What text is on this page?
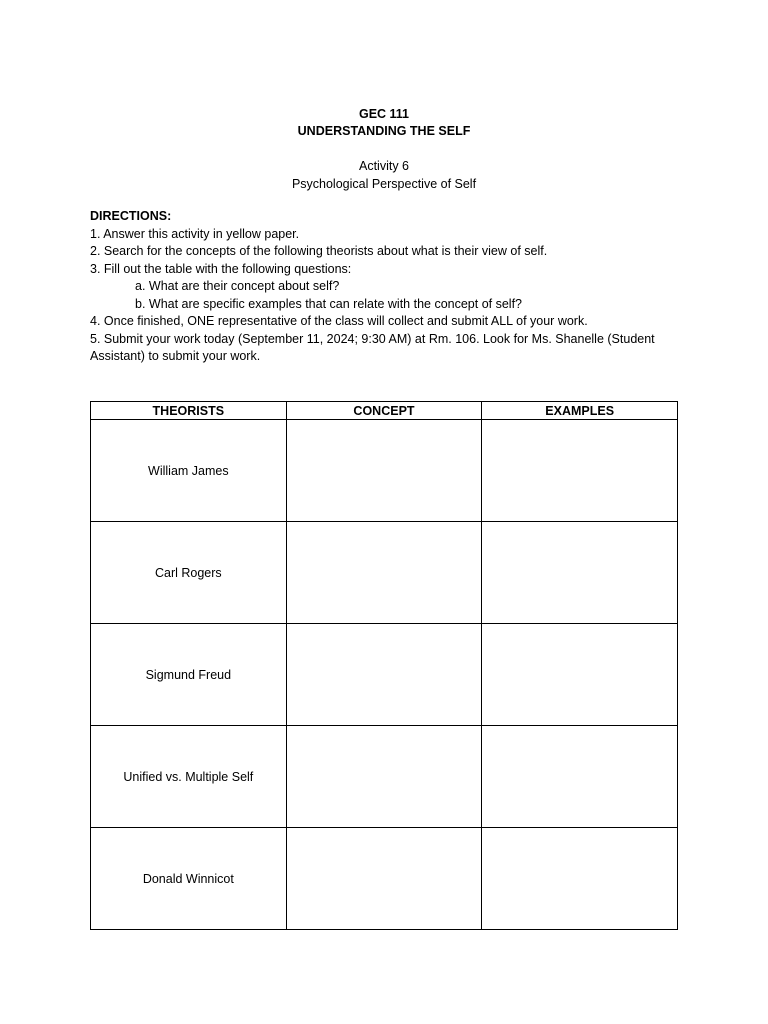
GEC 111
UNDERSTANDING THE SELF
Activity 6
Psychological Perspective of Self
DIRECTIONS:
1. Answer this activity in yellow paper.
2. Search for the concepts of the following theorists about what is their view of self.
3. Fill out the table with the following questions:
a. What are their concept about self?
b. What are specific examples that can relate with the concept of self?
4. Once finished, ONE representative of the class will collect and submit ALL of your work.
5. Submit your work today (September 11, 2024; 9:30 AM) at Rm. 106. Look for Ms. Shanelle (Student Assistant) to submit your work.
THEORISTS	CONCEPT	EXAMPLES
William James		
Carl Rogers		
Sigmund Freud		
Unified vs. Multiple Self		
Donald Winnicot		
